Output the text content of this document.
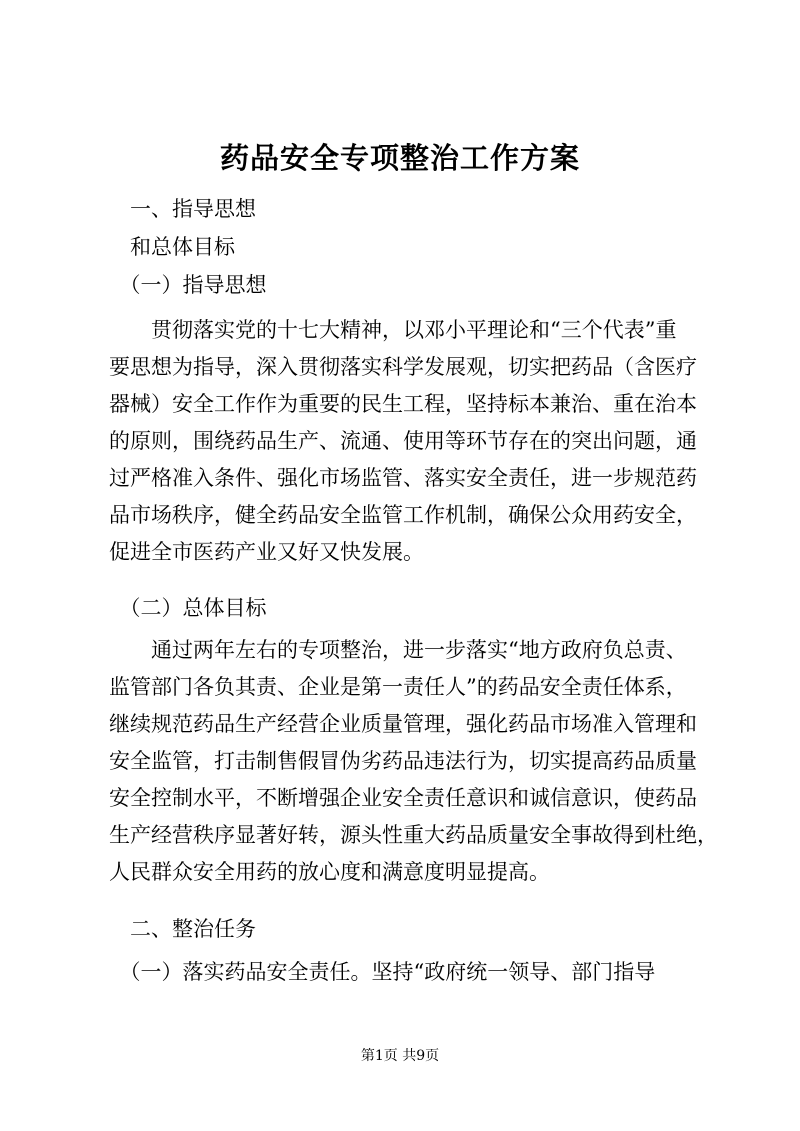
药品安全专项整治工作方案
　一、指导思想
　和总体目标
　（一）指导思想
　　贯彻落实党的十七大精神，以邓小平理论和“三个代表”重
要思想为指导，深入贯彻落实科学发展观，切实把药品（含医疗
器械）安全工作作为重要的民生工程，坚持标本兼治、重在治本
的原则，围绕药品生产、流通、使用等环节存在的突出问题，通
过严格准入条件、强化市场监管、落实安全责任，进一步规范药
品市场秩序，健全药品安全监管工作机制，确保公众用药安全，
促进全市医药产业又好又快发展。
　（二）总体目标
　　通过两年左右的专项整治，进一步落实“地方政府负总责、
监管部门各负其责、企业是第一责任人”的药品安全责任体系，
继续规范药品生产经营企业质量管理，强化药品市场准入管理和
安全监管，打击制售假冒伪劣药品违法行为，切实提高药品质量
安全控制水平，不断增强企业安全责任意识和诚信意识，使药品
生产经营秩序显著好转，源头性重大药品质量安全事故得到杜绝，
人民群众安全用药的放心度和满意度明显提高。
　二、整治任务
　（一）落实药品安全责任。坚持“政府统一领导、部门指导
第1页 共9页
